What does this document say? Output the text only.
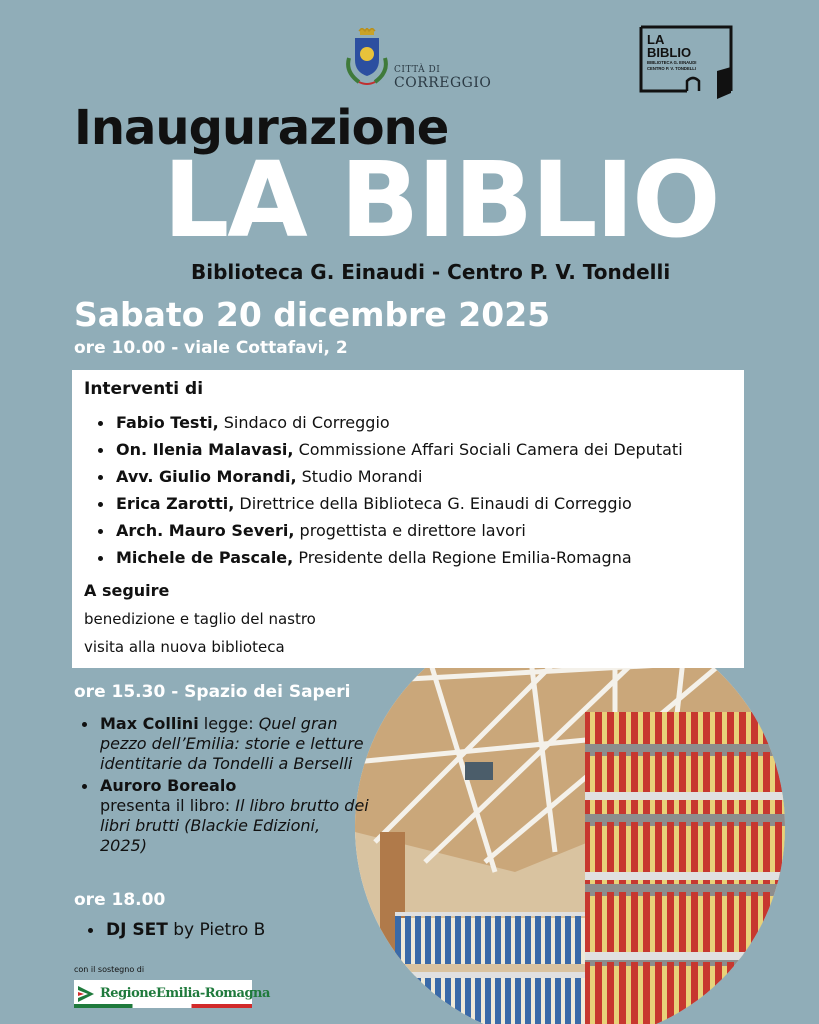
CITTÀ DI
CORREGGIO
LA
BIBLIO
BIBLIOTECA G. EINAUDI
CENTRO P. V. TONDELLI
Inaugurazione
LA BIBLIO
Biblioteca G. Einaudi - Centro P. V. Tondelli
Sabato 20 dicembre 2025
ore 10.00 - viale Cottafavi, 2
Interventi di
Fabio Testi, Sindaco di Correggio
On. Ilenia Malavasi, Commissione Affari Sociali Camera dei Deputati
Avv. Giulio Morandi, Studio Morandi
Erica Zarotti, Direttrice della Biblioteca G. Einaudi di Correggio
Arch. Mauro Severi, progettista e direttore lavori
Michele de Pascale, Presidente della Regione Emilia-Romagna
A seguire
benedizione e taglio del nastro
visita alla nuova biblioteca
ore 15.30 - Spazio dei Saperi
Max Collini legge: Quel gran pezzo dell’Emilia: storie e letture identitarie da Tondelli a Berselli
Auroro Borealo
presenta il libro: Il libro brutto dei libri brutti (Blackie Edizioni, 2025)
ore 18.00
DJ SET by Pietro B
con il sostegno di
RegioneEmilia-Romagna
